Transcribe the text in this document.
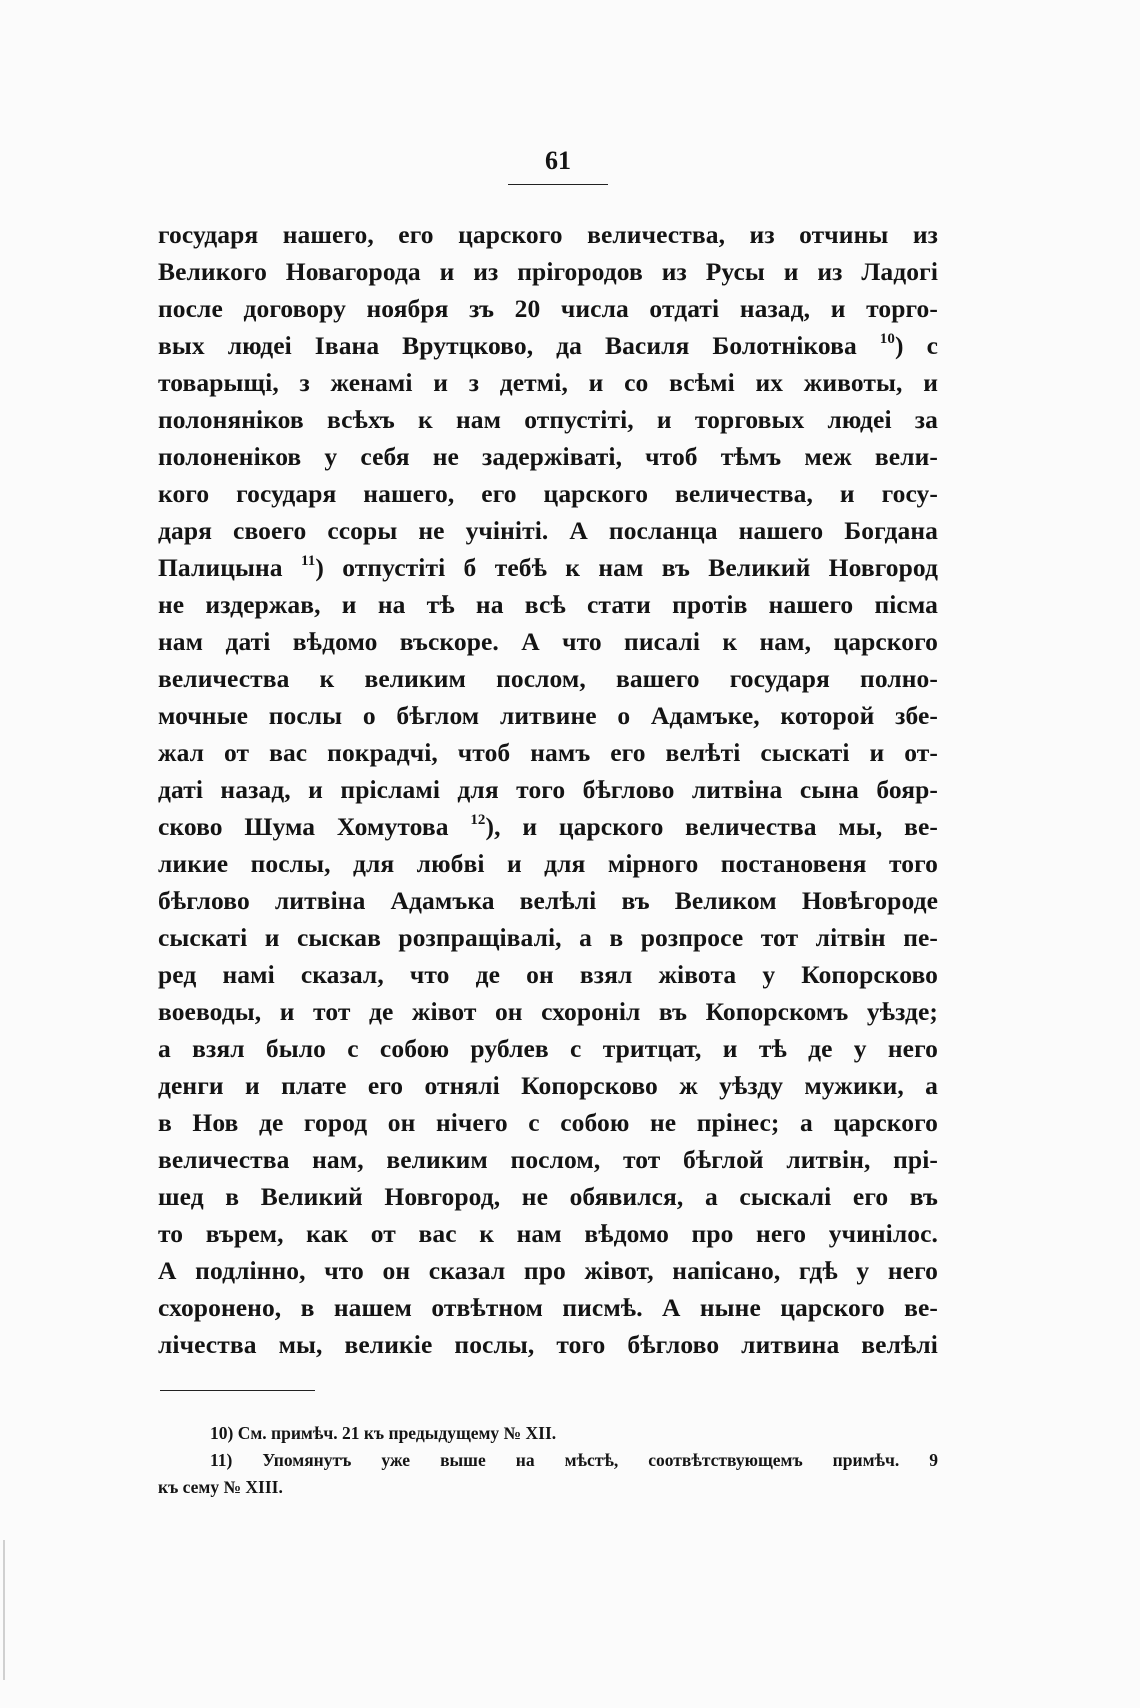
61
государя нашего, его царского величества, из отчины из
Великого Новагорода и из прігородов из Русы и из Ладогі
после договору ноября зъ 20 числа отдаті назад, и торго-
вых людеі Івана Врутцково, да Василя Болотнікова $^{10}$) с
товарыщі, з женамі и з детмі, и со всѣмі их животы, и
полоняніков всѣхъ к нам отпустіті, и торговых людеі за
полоненіков у себя не задержіваті, чтоб тѣмъ меж вели-
кого государя нашего, его царского величества, и госу-
даря своего ссоры не учініті. А посланца нашего Богдана
Палицына $^{11}$) отпустіті б тебѣ к нам въ Великий Новгород
не издержав, и на тѣ на всѣ стати протів нашего пісма
нам даті вѣдомо въскоре. А что писалі к нам, царского
величества к великим послом, вашего государя полно-
мочные послы о бѣглом литвине о Адамъке, которой збе-
жал от вас покрадчі, чтоб намъ его велѣті сыскаті и от-
даті назад, и прісламі для того бѣглово литвіна сына бояр-
сково Шума Хомутова $^{12}$), и царского величества мы, ве-
ликие послы, для любві и для мірного постановеня того
бѣглово литвіна Адамъка велѣлі въ Великом Новѣгороде
сыскаті и сыскав розпращівалі, а в розпросе тот літвін пе-
ред намі сказал, что де он взял жівота у Копорсково
воеводы, и тот де жівот он схороніл въ Копорскомъ уѣзде;
а взял было с собою рублев с тритцат, и тѣ де у него
денги и плате его отнялі Копорсково ж уѣзду мужики, а
в Нов де город он нічего с собою не прінес; а царского
величества нам, великим послом, тот бѣглой литвін, прі-
шед в Великий Новгород, не обявился, а сыскалі его въ
то върем, как от вас к нам вѣдомо про него учинілос.
А подлінно, что он сказал про жівот, напісано, гдѣ у него
схоронено, в нашем отвѣтном писмѣ. А ныне царского ве-
лічества мы, великіе послы, того бѣглово литвина велѣлі
10) См. примѣч. 21 къ предыдущему № XII.
11) Упомянутъ уже выше на мѣстѣ, соотвѣтствующемъ примѣч. 9
къ сему № XIII.
